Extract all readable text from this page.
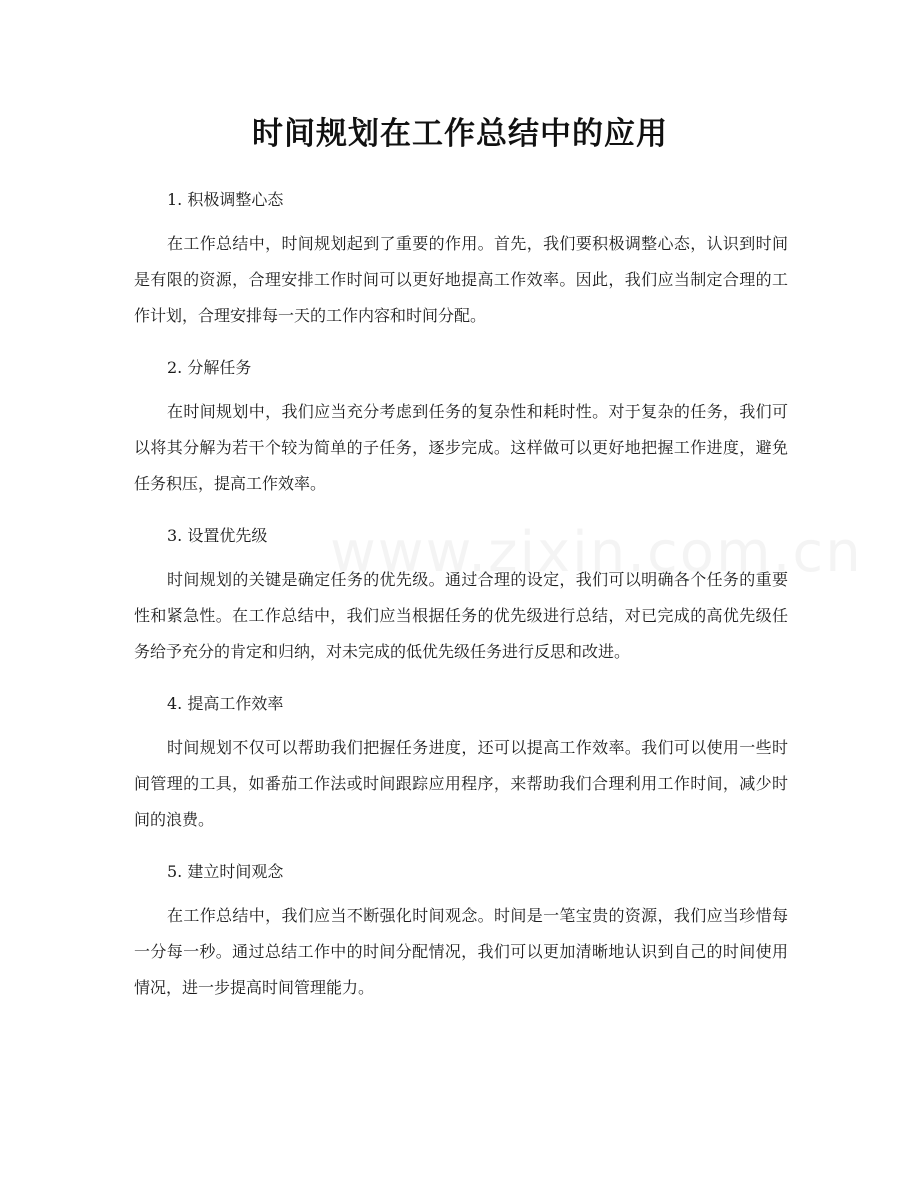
时间规划在工作总结中的应用

1. 积极调整心态

在工作总结中，时间规划起到了重要的作用。首先，我们要积极调整心态，认识到时间是有限的资源，合理安排工作时间可以更好地提高工作效率。因此，我们应当制定合理的工作计划，合理安排每一天的工作内容和时间分配。

2. 分解任务

在时间规划中，我们应当充分考虑到任务的复杂性和耗时性。对于复杂的任务，我们可以将其分解为若干个较为简单的子任务，逐步完成。这样做可以更好地把握工作进度，避免任务积压，提高工作效率。

3. 设置优先级

时间规划的关键是确定任务的优先级。通过合理的设定，我们可以明确各个任务的重要性和紧急性。在工作总结中，我们应当根据任务的优先级进行总结，对已完成的高优先级任务给予充分的肯定和归纳，对未完成的低优先级任务进行反思和改进。

4. 提高工作效率

时间规划不仅可以帮助我们把握任务进度，还可以提高工作效率。我们可以使用一些时间管理的工具，如番茄工作法或时间跟踪应用程序，来帮助我们合理利用工作时间，减少时间的浪费。

5. 建立时间观念

在工作总结中，我们应当不断强化时间观念。时间是一笔宝贵的资源，我们应当珍惜每一分每一秒。通过总结工作中的时间分配情况，我们可以更加清晰地认识到自己的时间使用情况，进一步提高时间管理能力。
